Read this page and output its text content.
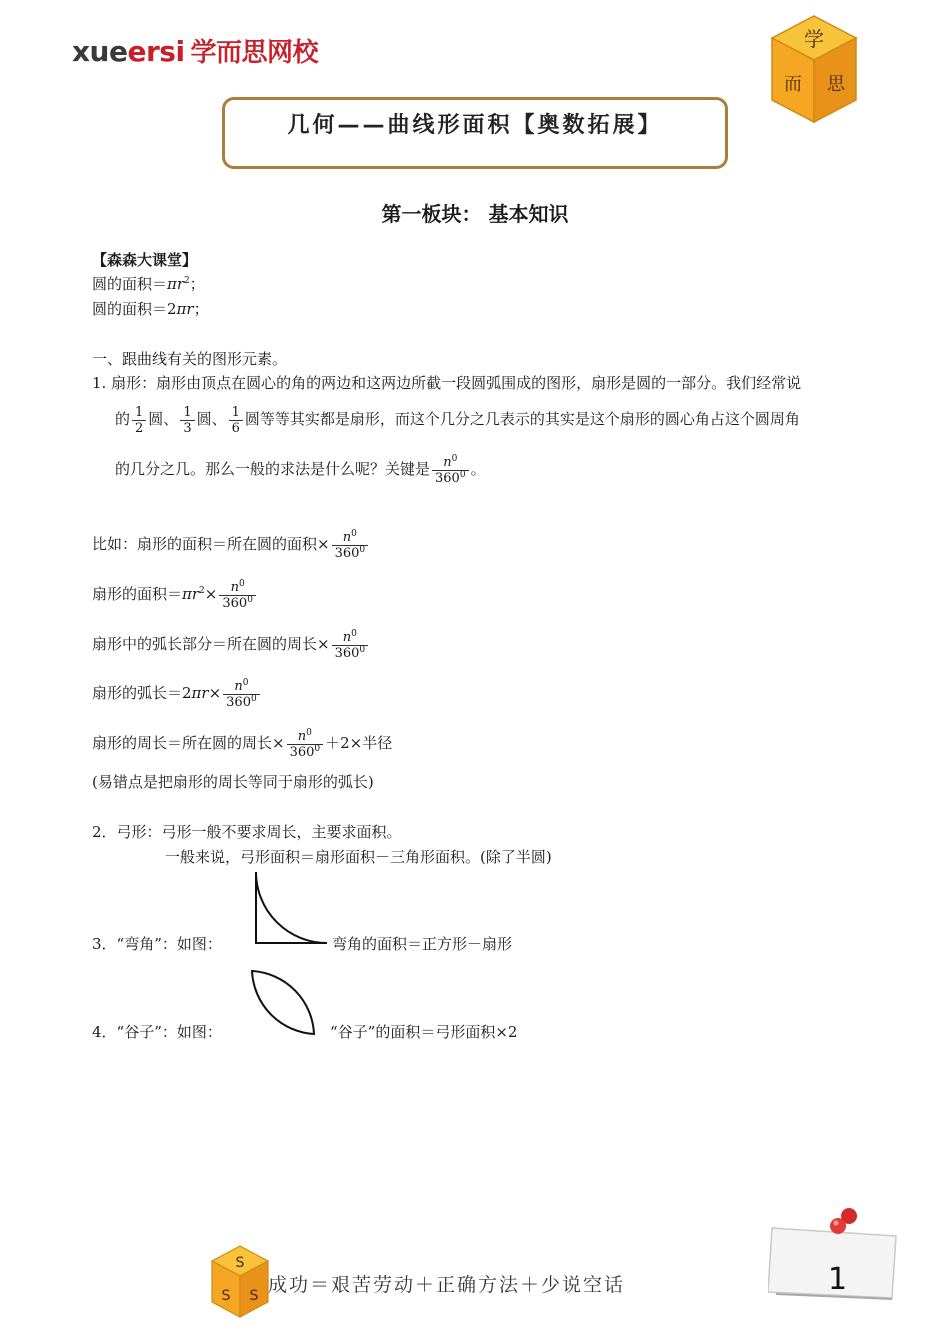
xueersi 学而思网校	学
而 思
几何——曲线形面积【奥数拓展】
第一板块： 基本知识
【森森大课堂】
圆的面积$=\pi r^2$；
圆的面积＝2πr；
一、跟曲线有关的图形元素。
1. 扇形：扇形由顶点在圆心的角的两边和这两边所截一段圆弧围成的图形，扇形是圆的一部分。我们经常说
的 $\frac{1}{2}$ 圆、 $\frac{1}{3}$ 圆、 $\frac{1}{6}$ 圆等等其实都是扇形，而这个几分之几表示的其实是这个扇形的圆心角占这个圆周角
的几分之几。那么一般的求法是什么呢？关键是 $\frac{n^0}{360^0}$ 。
比如：扇形的面积＝所在圆的面积× $\frac{n^0}{360^0}$
扇形的面积$=\pi r^2\times \frac{n^0}{360^0}$
扇形中的弧长部分＝所在圆的周长× $\frac{n^0}{360^0}$
扇形的弧长$=2\pi r\times \frac{n^0}{360^0}$
扇形的周长＝所在圆的周长× $\frac{n^0}{360^0} +2\times$半径
(易错点是把扇形的周长等同于扇形的弧长)
2．弓形：弓形一般不要求周长，主要求面积。
一般来说，弓形面积＝扇形面积－三角形面积。(除了半圆)
3．“弯角”：如图：	弯角的面积＝正方形－扇形
4．“谷子”：如图：	“谷子”的面积＝弓形面积×2
S
S S 成功＝艰苦劳动＋正确方法＋少说空话	1
